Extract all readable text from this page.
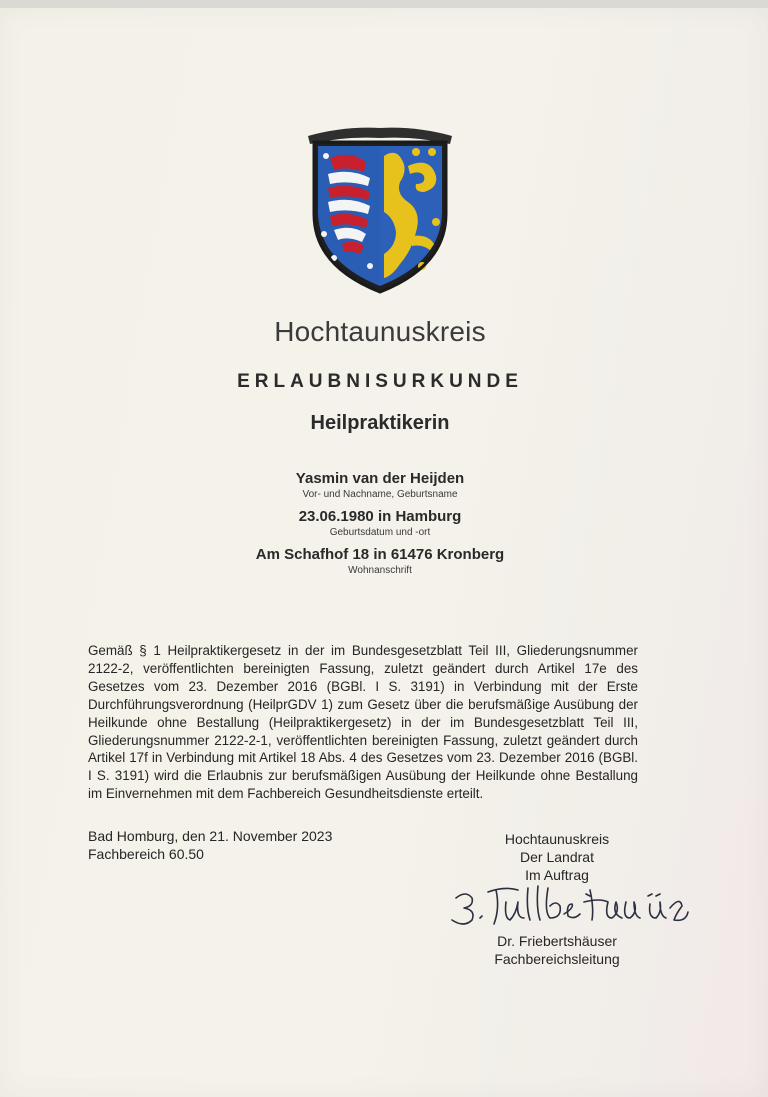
Hochtaunuskreis
ERLAUBNISURKUNDE
Heilpraktikerin
Yasmin van der Heijden
Vor- und Nachname, Geburtsname
23.06.1980 in Hamburg
Geburtsdatum und -ort
Am Schafhof 18 in 61476 Kronberg
Wohnanschrift
Gemäß § 1 Heilpraktikergesetz in der im Bundesgesetzblatt Teil III, Gliederungsnummer 2122-2, veröffentlichten bereinigten Fassung, zuletzt geändert durch Artikel 17e des Gesetzes vom 23. Dezember 2016 (BGBl. I S. 3191) in Verbindung mit der Erste Durchführungsverordnung (HeilprGDV 1) zum Gesetz über die berufsmäßige Ausübung der Heilkunde ohne Bestallung (Heilpraktikergesetz) in der im Bundesgesetzblatt Teil III, Gliederungsnummer 2122-2-1, veröffentlichten bereinigten Fassung, zuletzt geändert durch Artikel 17f in Verbindung mit Artikel 18 Abs. 4 des Gesetzes vom 23. Dezember 2016 (BGBl. I S. 3191) wird die Erlaubnis zur berufsmäßigen Ausübung der Heilkunde ohne Bestallung im Einvernehmen mit dem Fachbereich Gesundheitsdienste erteilt.
Bad Homburg, den 21. November 2023
Fachbereich 60.50
Hochtaunuskreis
Der Landrat
Im Auftrag
Dr. Friebertshäuser
Fachbereichsleitung
